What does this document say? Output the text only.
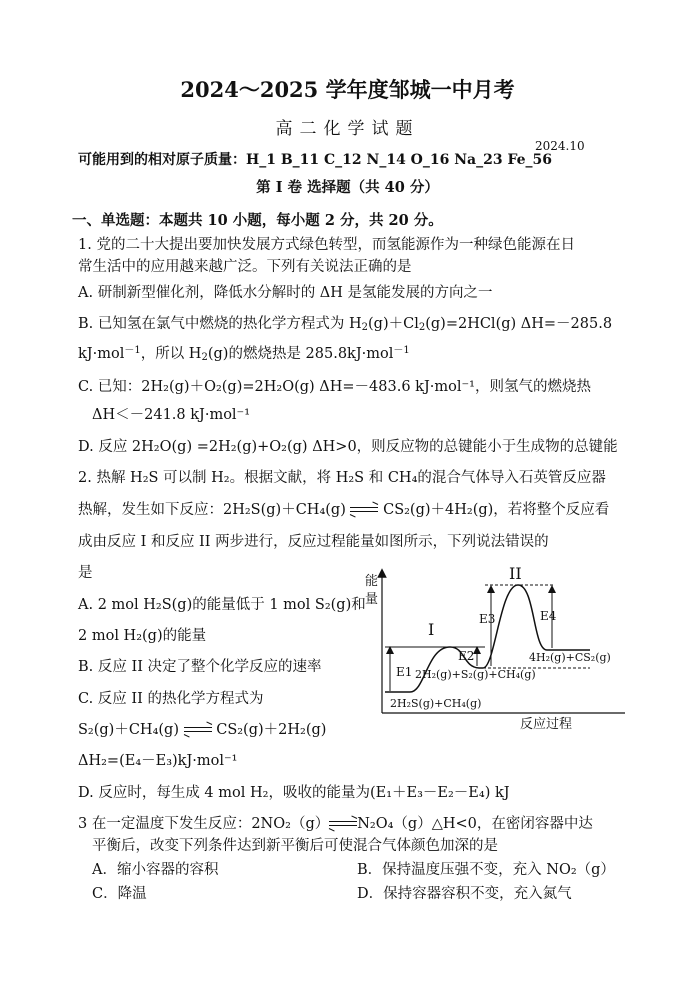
2024～2025 学年度邹城一中月考
高二化学试题
2024.10
可能用到的相对原子质量：H_1 B_11 C_12 N_14 O_16 Na_23 Fe_56
第 I 卷 选择题（共 40 分）
一、单选题：本题共 10 小题，每小题 2 分，共 20 分。
1. 党的二十大提出要加快发展方式绿色转型，而氢能源作为一种绿色能源在日
常生活中的应用越来越广泛。下列有关说法正确的是
A. 研制新型催化剂，降低水分解时的 ΔH 是氢能发展的方向之一
B. 已知氢在氯气中燃烧的热化学方程式为 $H_2(g)+Cl_2(g)=2HCl(g)$ ΔH=－285.8
kJ·mol$^{-1}$，所以 $H_2(g)$的燃烧热是 285.8kJ·mol$^{-1}$
C. 已知：2H₂(g)＋O₂(g)=2H₂O(g) ΔH=－483.6 kJ·mol⁻¹，则氢气的燃烧热
ΔH＜－241.8 kJ·mol⁻¹
D. 反应 2H₂O(g) =2H₂(g)+O₂(g) ΔH>0，则反应物的总键能小于生成物的总键能
2. 热解 H₂S 可以制 H₂。根据文献，将 H₂S 和 CH₄的混合气体导入石英管反应器
热解，发生如下反应：2H₂S(g)＋CH₄(g)	CS₂(g)＋4H₂(g)，若将整个反应看
成由反应 I 和反应 II 两步进行，反应过程能量如图所示，下列说法错误的
是
A. 2 mol H₂S(g)的能量低于 1 mol S₂(g)和
2 mol H₂(g)的能量
B. 反应 II 决定了整个化学反应的速率
C. 反应 II 的热化学方程式为
S₂(g)＋CH₄(g)	CS₂(g)＋2H₂(g)
ΔH₂=(E₄－E₃)kJ·mol⁻¹
D. 反应时，每生成 4 mol H₂，吸收的能量为(E₁＋E₃－E₂－E₄) kJ
能
量
反应过程
E1
E2
E3	E4
I
II
2H₂S(g)+CH₄(g)
2H₂(g)+S₂(g)+CH₄(g)
4H₂(g)+CS₂(g)
3 在一定温度下发生反应：2NO₂（g） N₂O₄（g）△H<0，在密闭容器中达
平衡后，改变下列条件达到新平衡后可使混合气体颜色加深的是
A．缩小容器的容积	B．保持温度压强不变，充入 NO₂（g）
C．降温	D．保持容器容积不变，充入氮气
